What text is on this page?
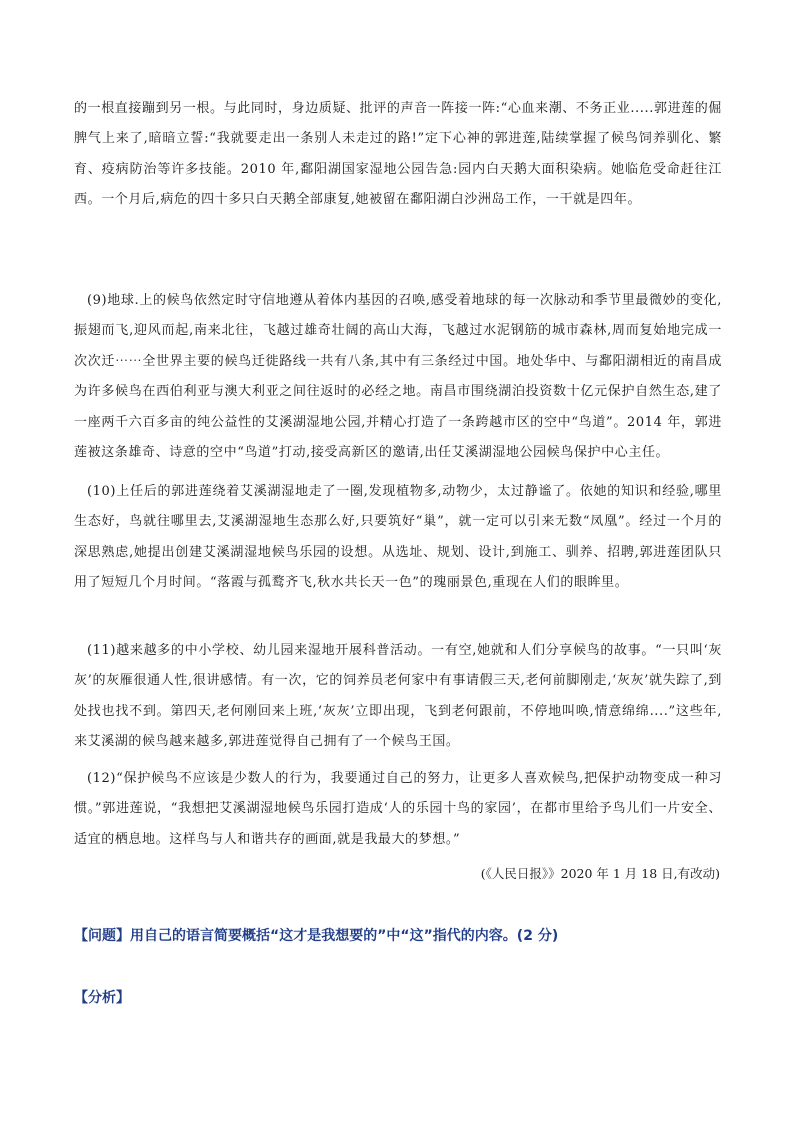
的一根直接蹦到另一根。与此同时，身边质疑、批评的声音一阵接一阵:“心血来潮、不务正业.....郭进莲的倔脾气上来了,暗暗立誓:“我就要走出一条别人未走过的路!”定下心神的郭进莲,陆续掌握了候鸟饲养驯化、繁育、疫病防治等许多技能。2010 年,鄱阳湖国家湿地公园告急:园内白天鹅大面积染病。她临危受命赶往江西。一个月后,病危的四十多只白天鹅全部康复,她被留在鄱阳湖白沙洲岛工作，一干就是四年。

(9)地球.上的候鸟依然定时守信地遵从着体内基因的召唤,感受着地球的每一次脉动和季节里最微妙的变化,振翅而飞,迎风而起,南来北往，飞越过雄奇壮阔的高山大海，飞越过水泥钢筋的城市森林,周而复始地完成一次次迁⋯⋯全世界主要的候鸟迁徙路线一共有八条,其中有三条经过中国。地处华中、与鄱阳湖相近的南昌成为许多候鸟在西伯利亚与澳大利亚之间往返时的必经之地。南昌市围绕湖泊投资数十亿元保护自然生态,建了一座两千六百多亩的纯公益性的艾溪湖湿地公园,并精心打造了一条跨越市区的空中“鸟道”。2014 年，郭进莲被这条雄奇、诗意的空中“鸟道”打动,接受高新区的邀请,出任艾溪湖湿地公园候鸟保护中心主任。

(10)上任后的郭进莲绕着艾溪湖湿地走了一圈,发现植物多,动物少，太过静谧了。依她的知识和经验,哪里生态好，鸟就往哪里去,艾溪湖湿地生态那么好,只要筑好“巢”，就一定可以引来无数“凤凰”。经过一个月的深思熟虑,她提出创建艾溪湖湿地候鸟乐园的设想。从选址、规划、设计,到施工、驯养、招聘,郭进莲团队只用了短短几个月时间。“落霞与孤鹜齐飞,秋水共长天一色”的瑰丽景色,重现在人们的眼眸里。

(11)越来越多的中小学校、幼儿园来湿地开展科普活动。一有空,她就和人们分享候鸟的故事。“一只叫‘灰灰’的灰雁很通人性,很讲感情。有一次，它的饲养员老何家中有事请假三天,老何前脚刚走,‘灰灰’就失踪了,到处找也找不到。第四天,老何刚回来上班,‘灰灰’立即出现，飞到老何跟前，不停地叫唤,情意绵绵....”这些年,来艾溪湖的候鸟越来越多,郭进莲觉得自己拥有了一个候鸟王国。

(12)“保护候鸟不应该是少数人的行为，我要通过自己的努力，让更多人喜欢候鸟,把保护动物变成一种习惯。”郭进莲说，“我想把艾溪湖湿地候鸟乐园打造成‘人的乐园十鸟的家园’，在都市里给予鸟儿们一片安全、适宜的栖息地。这样鸟与人和谐共存的画面,就是我最大的梦想。”

(《人民日报》》2020 年 1 月 18 日,有改动)
【问题】用自己的语言简要概括“这才是我想要的”中“这”指代的内容。(2 分)
【分析】
